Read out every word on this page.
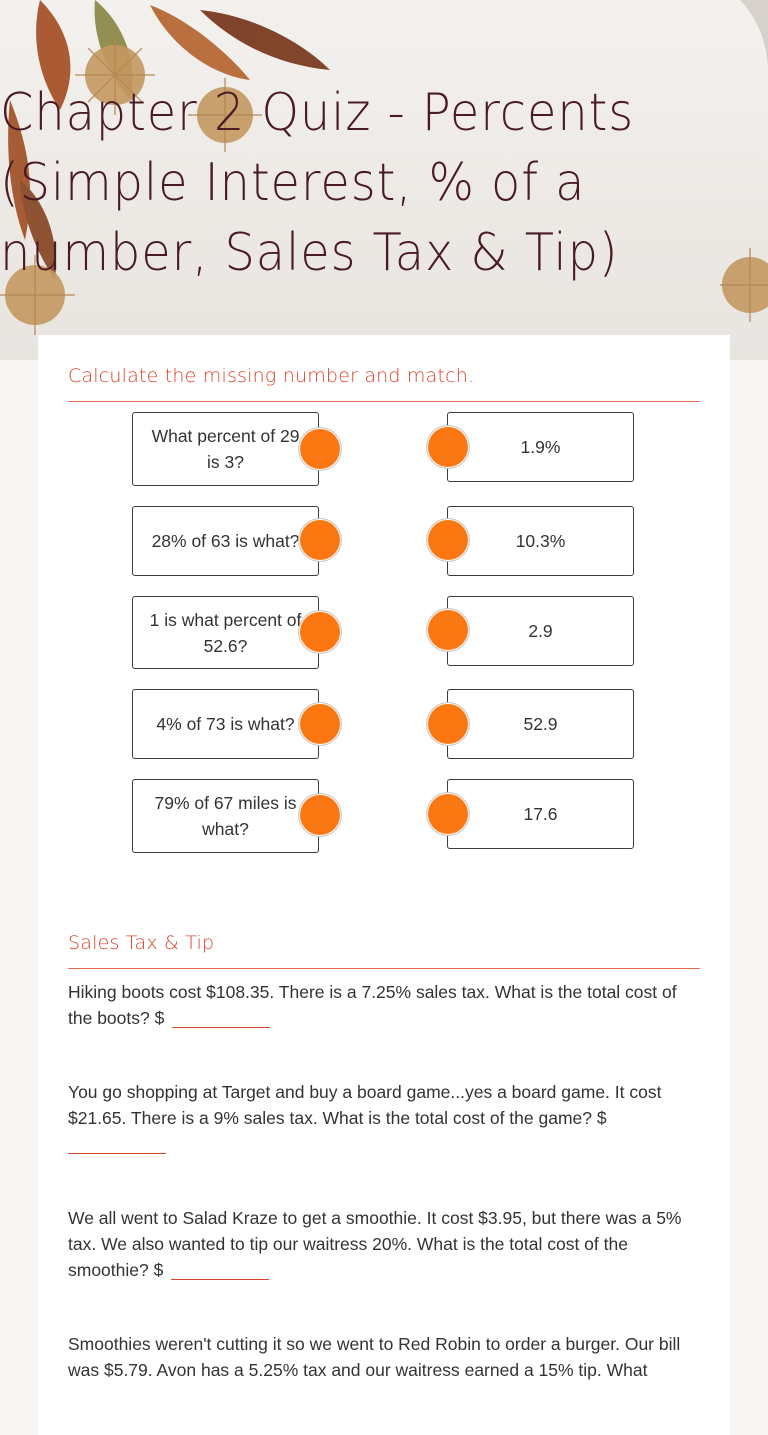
Chapter 2 Quiz - Percents (Simple Interest, % of a number, Sales Tax & Tip)
Calculate the missing number and match.
What percent of 29 is 3?
28% of 63 is what?
1 is what percent of 52.6?
4% of 73 is what?
79% of 67 miles is what?
1.9%
10.3%
2.9
52.9
17.6
Sales Tax & Tip
Hiking boots cost $108.35. There is a 7.25% sales tax. What is the total cost of the boots? $
You go shopping at Target and buy a board game...yes a board game. It cost $21.65. There is a 9% sales tax. What is the total cost of the game? $

We all went to Salad Kraze to get a smoothie. It cost $3.95, but there was a 5% tax. We also wanted to tip our waitress 20%. What is the total cost of the smoothie? $
Smoothies weren't cutting it so we went to Red Robin to order a burger. Our bill was $5.79. Avon has a 5.25% tax and our waitress earned a 15% tip. What
